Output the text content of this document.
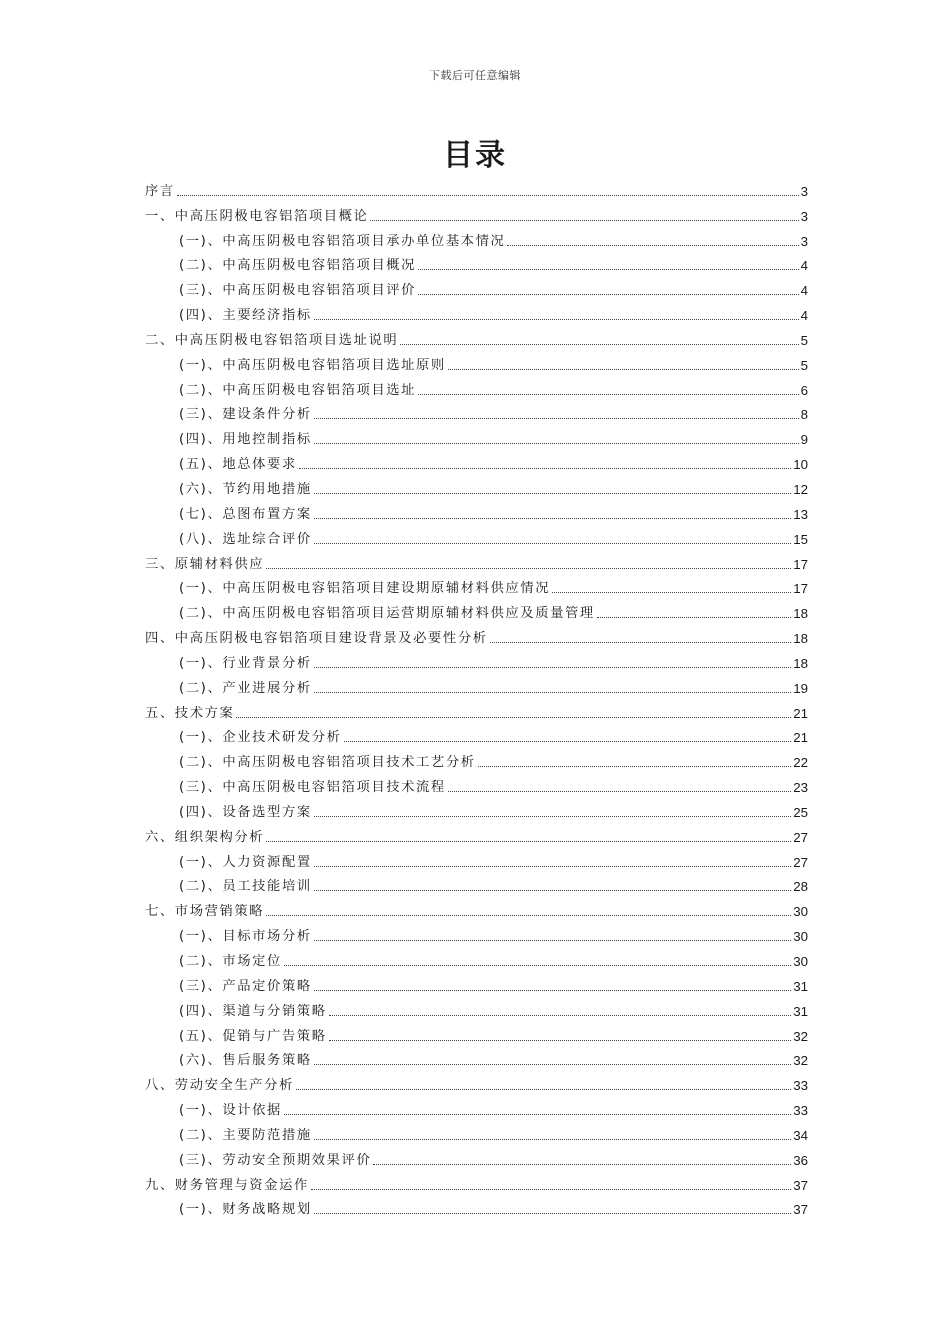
下载后可任意编辑
目录
序言	3
一、中高压阴极电容铝箔项目概论	3
(一)、中高压阴极电容铝箔项目承办单位基本情况	3
(二)、中高压阴极电容铝箔项目概况	4
(三)、中高压阴极电容铝箔项目评价	4
(四)、主要经济指标	4
二、中高压阴极电容铝箔项目选址说明	5
(一)、中高压阴极电容铝箔项目选址原则	5
(二)、中高压阴极电容铝箔项目选址	6
(三)、建设条件分析	8
(四)、用地控制指标	9
(五)、地总体要求	10
(六)、节约用地措施	12
(七)、总图布置方案	13
(八)、选址综合评价	15
三、原辅材料供应	17
(一)、中高压阴极电容铝箔项目建设期原辅材料供应情况	17
(二)、中高压阴极电容铝箔项目运营期原辅材料供应及质量管理	18
四、中高压阴极电容铝箔项目建设背景及必要性分析	18
(一)、行业背景分析	18
(二)、产业进展分析	19
五、技术方案	21
(一)、企业技术研发分析	21
(二)、中高压阴极电容铝箔项目技术工艺分析	22
(三)、中高压阴极电容铝箔项目技术流程	23
(四)、设备选型方案	25
六、组织架构分析	27
(一)、人力资源配置	27
(二)、员工技能培训	28
七、市场营销策略	30
(一)、目标市场分析	30
(二)、市场定位	30
(三)、产品定价策略	31
(四)、渠道与分销策略	31
(五)、促销与广告策略	32
(六)、售后服务策略	32
八、劳动安全生产分析	33
(一)、设计依据	33
(二)、主要防范措施	34
(三)、劳动安全预期效果评价	36
九、财务管理与资金运作	37
(一)、财务战略规划	37
